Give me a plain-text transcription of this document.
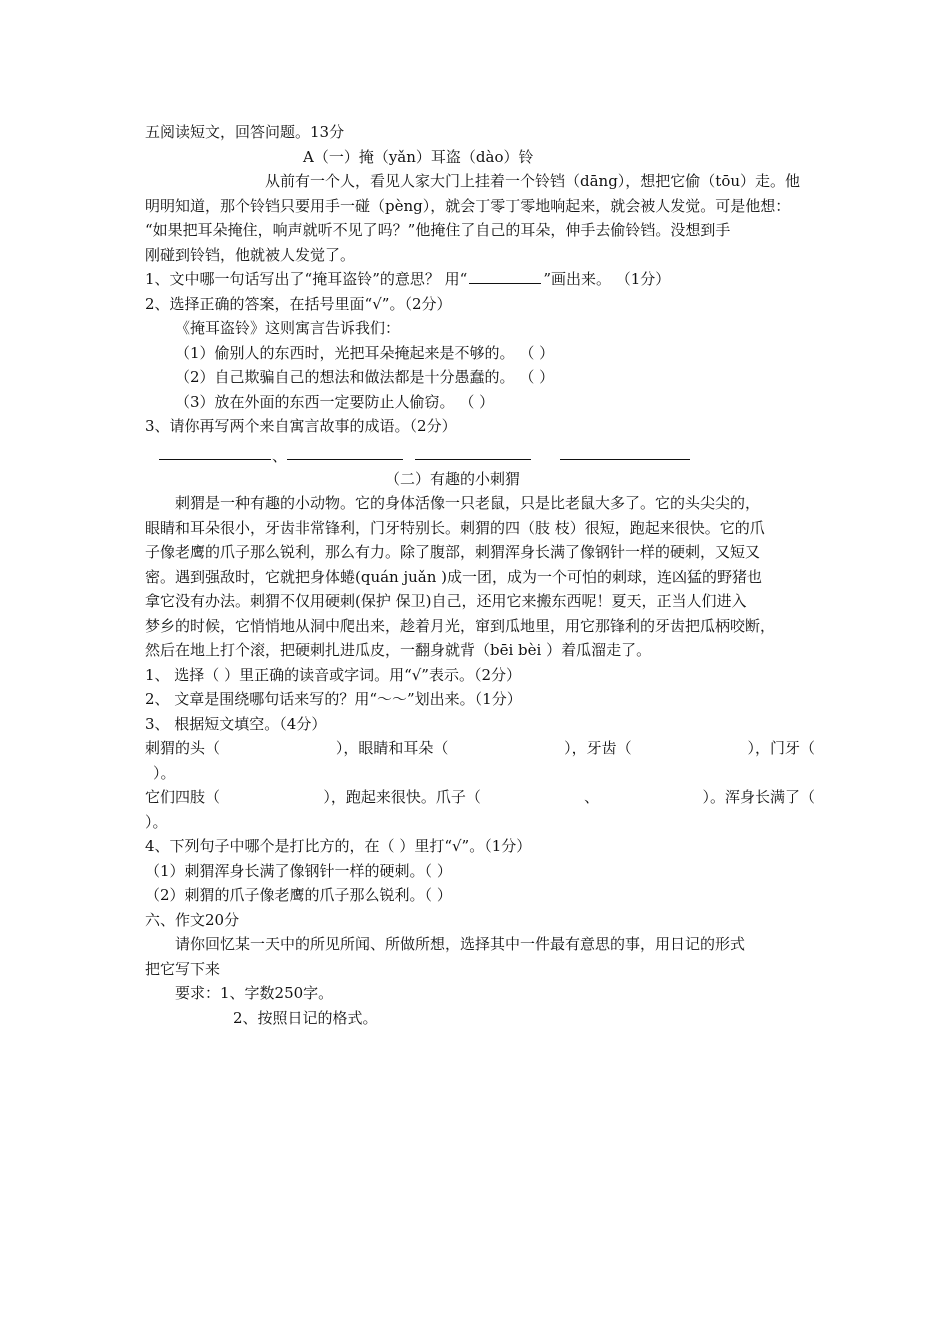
五阅读短文，回答问题。13分
A（一）掩（yǎn）耳盗（dào）铃
从前有一个人，看见人家大门上挂着一个铃铛（dāng），想把它偷（tōu）走。他
明明知道，那个铃铛只要用手一碰（pèng），就会丁零丁零地响起来，就会被人发觉。可是他想：
“如果把耳朵掩住，响声就听不见了吗？”他掩住了自己的耳朵，伸手去偷铃铛。没想到手
刚碰到铃铛，他就被人发觉了。
1、文中哪一句话写出了“掩耳盗铃”的意思？ 用“	”画出来。 （1分）
2、选择正确的答案，在括号里面“√”。（2分）
《掩耳盗铃》这则寓言告诉我们：
（1）偷别人的东西时，光把耳朵掩起来是不够的。 （ ）
（2）自己欺骗自己的想法和做法都是十分愚蠢的。 （ ）
（3）放在外面的东西一定要防止人偷窃。 （ ）
3、请你再写两个来自寓言故事的成语。（2分）
、
（二）有趣的小刺猬
刺猬是一种有趣的小动物。它的身体活像一只老鼠，只是比老鼠大多了。它的头尖尖的，
眼睛和耳朵很小，牙齿非常锋利，门牙特别长。刺猬的四（肢 枝）很短，跑起来很快。它的爪
子像老鹰的爪子那么锐利，那么有力。除了腹部，刺猬浑身长满了像钢针一样的硬刺，又短又
密。遇到强敌时，它就把身体蜷(quán juǎn )成一团，成为一个可怕的刺球，连凶猛的野猪也
拿它没有办法。刺猬不仅用硬刺(保护 保卫)自己，还用它来搬东西呢！夏天，正当人们进入
梦乡的时候，它悄悄地从洞中爬出来，趁着月光，窜到瓜地里，用它那锋利的牙齿把瓜柄咬断，
然后在地上打个滚，把硬刺扎进瓜皮，一翻身就背（bēi bèi ）着瓜溜走了。
1、 选择（ ）里正确的读音或字词。用“√”表示。（2分）
2、 文章是围绕哪句话来写的？用“～～”划出来。（1分）
3、 根据短文填空。（4分）
刺猬的头（	），眼睛和耳朵（	），牙齿（	），门牙（
）。
它们四肢（	），跑起来很快。爪子（	、	）。浑身长满了（
）。
4、下列句子中哪个是打比方的，在（ ）里打“√”。（1分）
（1）刺猬浑身长满了像钢针一样的硬刺。（ ）
（2）刺猬的爪子像老鹰的爪子那么锐利。（ ）
六、作文20分
请你回忆某一天中的所见所闻、所做所想，选择其中一件最有意思的事，用日记的形式
把它写下来
要求：1、字数250字。
2、按照日记的格式。
